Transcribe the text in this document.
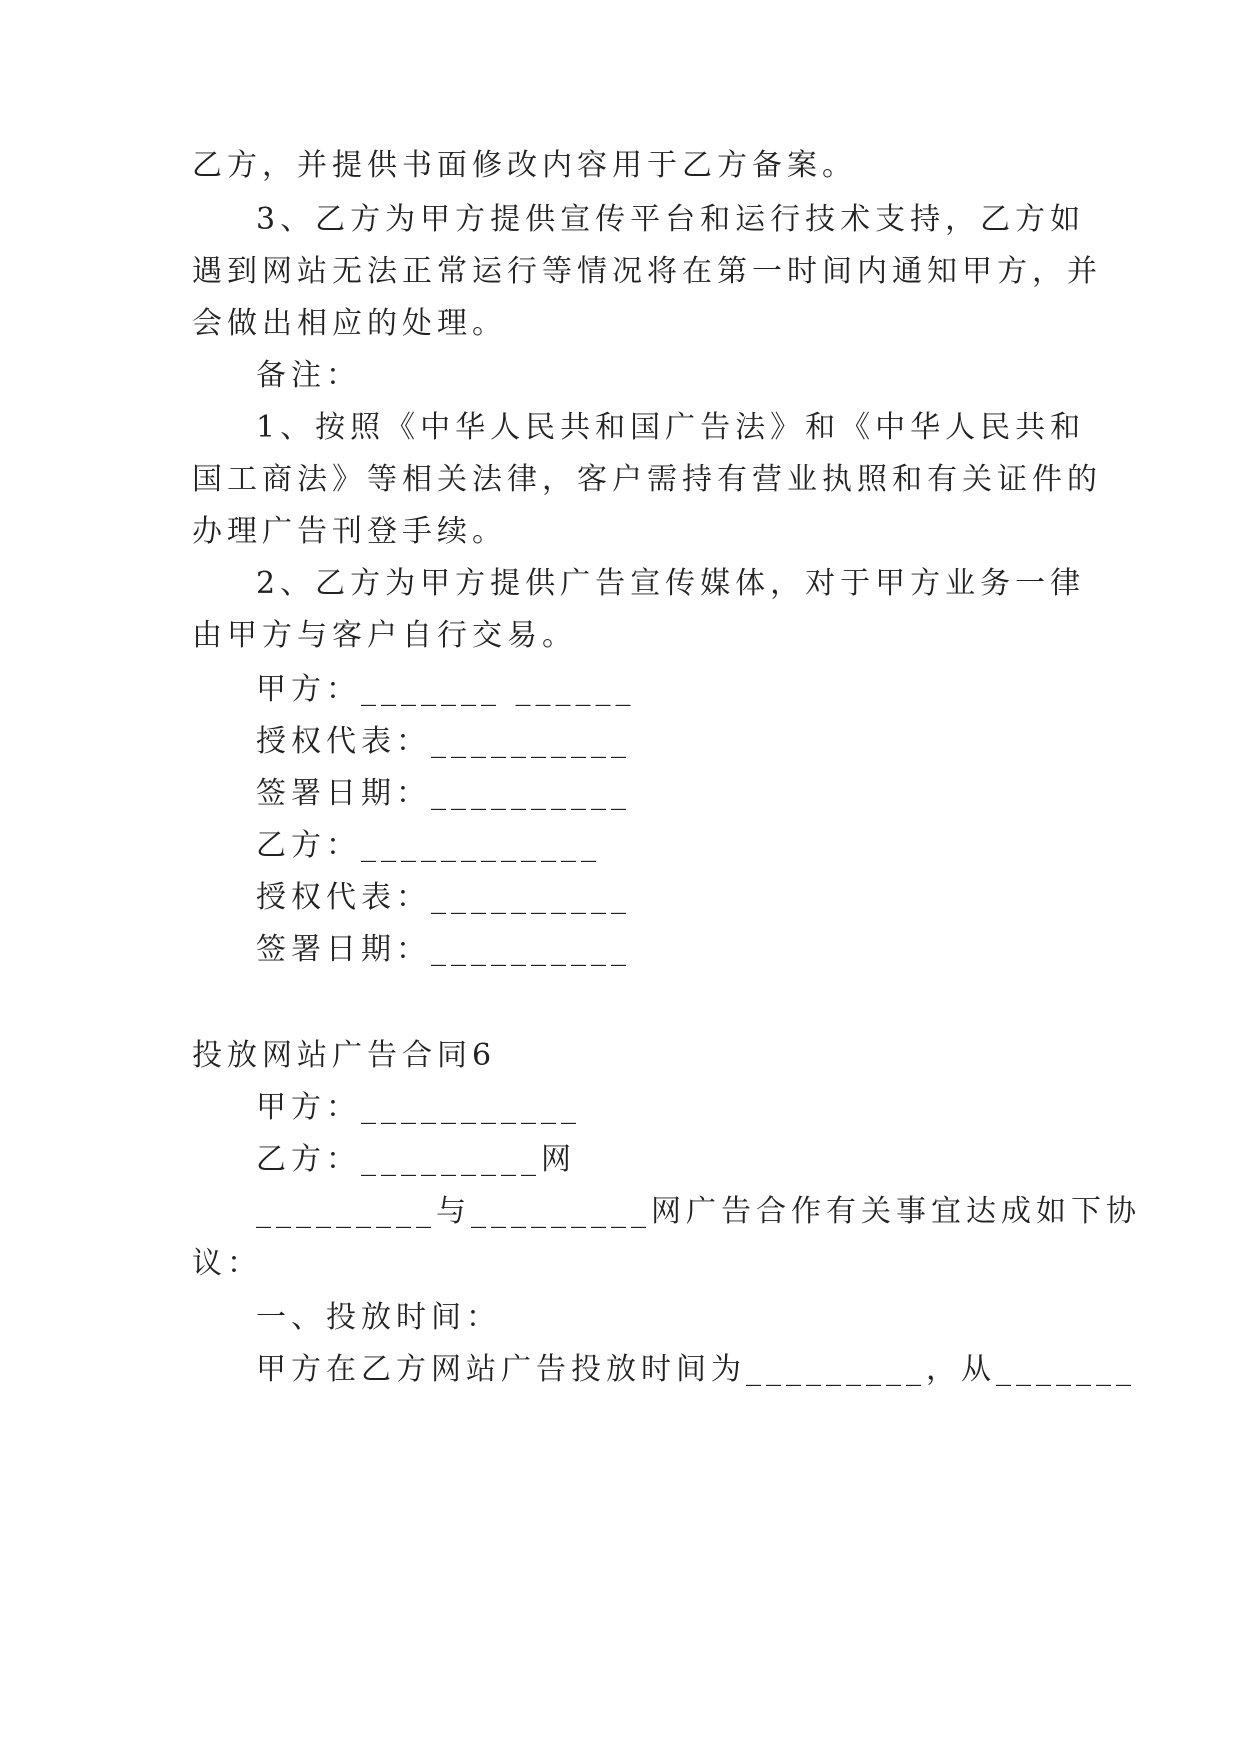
乙方，并提供书面修改内容用于乙方备案。

3、乙方为甲方提供宣传平台和运行技术支持，乙方如

遇到网站无法正常运行等情况将在第一时间内通知甲方，并

会做出相应的处理。

备注：

1、按照《中华人民共和国广告法》和《中华人民共和

国工商法》等相关法律，客户需持有营业执照和有关证件的

办理广告刊登手续。

2、乙方为甲方提供广告宣传媒体，对于甲方业务一律

由甲方与客户自行交易。

甲方：_______ ______

授权代表：__________

签署日期：__________

乙方：____________

授权代表：__________

签署日期：__________

投放网站广告合同6

甲方：___________

乙方：_________网

_________与_________网广告合作有关事宜达成如下协

议：

一、投放时间：

甲方在乙方网站广告投放时间为_________，从_______
